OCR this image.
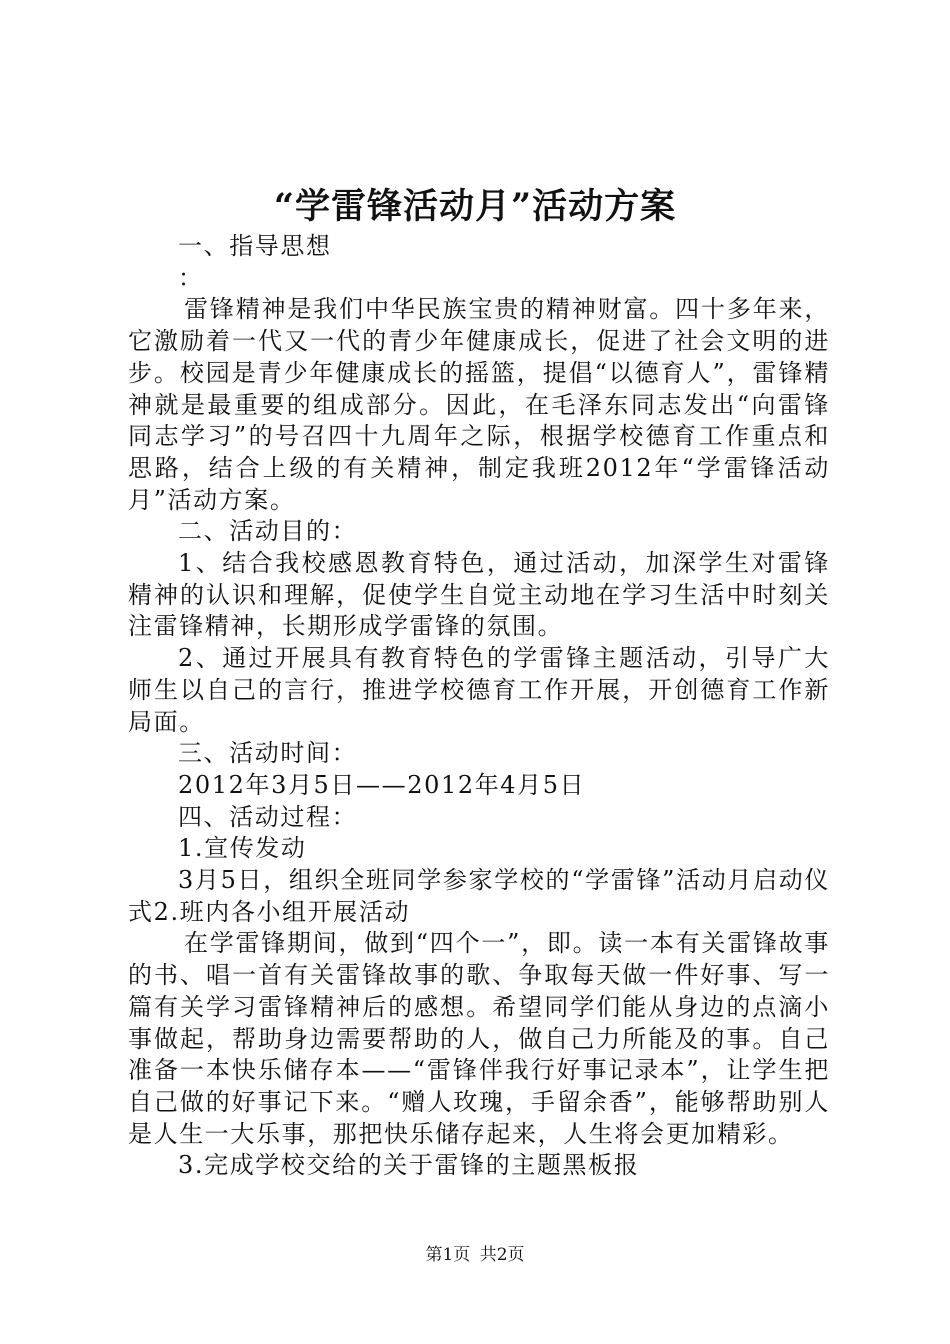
“学雷锋活动月”活动方案

一、指导思想

：

雷锋精神是我们中华民族宝贵的精神财富。四十多年来，它激励着一代又一代的青少年健康成长，促进了社会文明的进步。校园是青少年健康成长的摇篮，提倡“以德育人”，雷锋精神就是最重要的组成部分。因此，在毛泽东同志发出“向雷锋同志学习”的号召四十九周年之际，根据学校德育工作重点和思路，结合上级的有关精神，制定我班2012年“学雷锋活动月”活动方案。

二、活动目的：

1、结合我校感恩教育特色，通过活动，加深学生对雷锋精神的认识和理解，促使学生自觉主动地在学习生活中时刻关注雷锋精神，长期形成学雷锋的氛围。

2、通过开展具有教育特色的学雷锋主题活动，引导广大师生以自己的言行，推进学校德育工作开展，开创德育工作新局面。

三、活动时间：

2012年3月5日——2012年4月5日

四、活动过程：

1.宣传发动

3月5日，组织全班同学参家学校的“学雷锋”活动月启动仪式2.班内各小组开展活动

在学雷锋期间，做到“四个一”，即。读一本有关雷锋故事的书、唱一首有关雷锋故事的歌、争取每天做一件好事、写一篇有关学习雷锋精神后的感想。希望同学们能从身边的点滴小事做起，帮助身边需要帮助的人，做自己力所能及的事。自己准备一本快乐储存本——“雷锋伴我行好事记录本”，让学生把自己做的好事记下来。“赠人玫瑰，手留余香”，能够帮助别人是人生一大乐事，那把快乐储存起来，人生将会更加精彩。

3.完成学校交给的关于雷锋的主题黑板报

第1页 共2页
